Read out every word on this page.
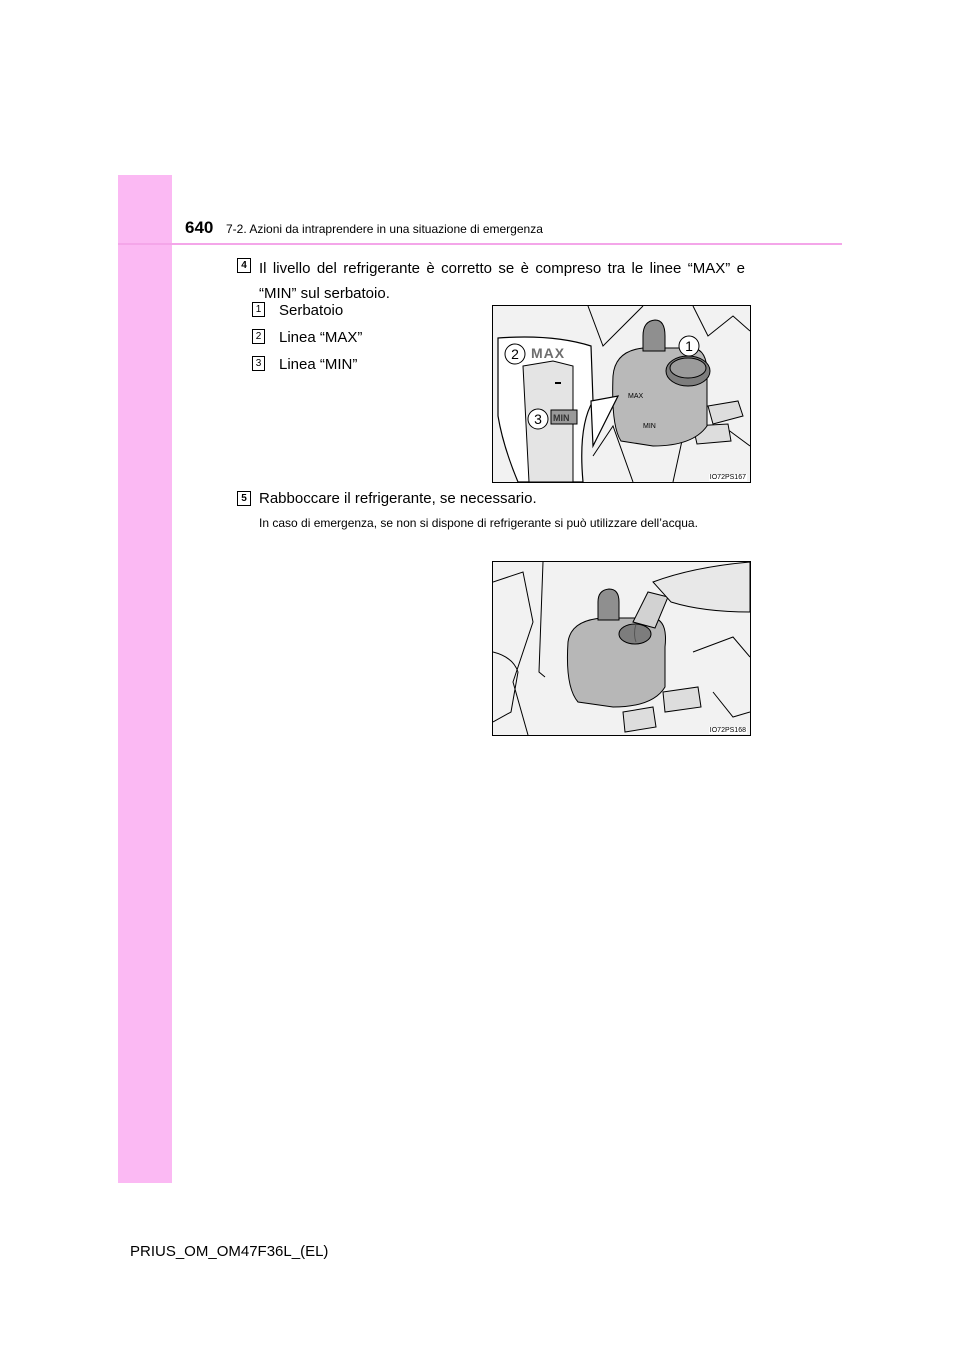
640 7-2. Azioni da intraprendere in una situazione di emergenza
4 Il livello del refrigerante è corretto se è compreso tra le linee “MAX” e “MIN” sul serbatoio.
1 Serbatoio
2 Linea “MAX”
3 Linea “MIN”
MAX
MIN
MAX
MIN
1
2
3
IO72PS167
5 Rabboccare il refrigerante, se necessario.
In caso di emergenza, se non si dispone di refrigerante si può utilizzare dell’acqua.
IO72PS168
PRIUS_OM_OM47F36L_(EL)
